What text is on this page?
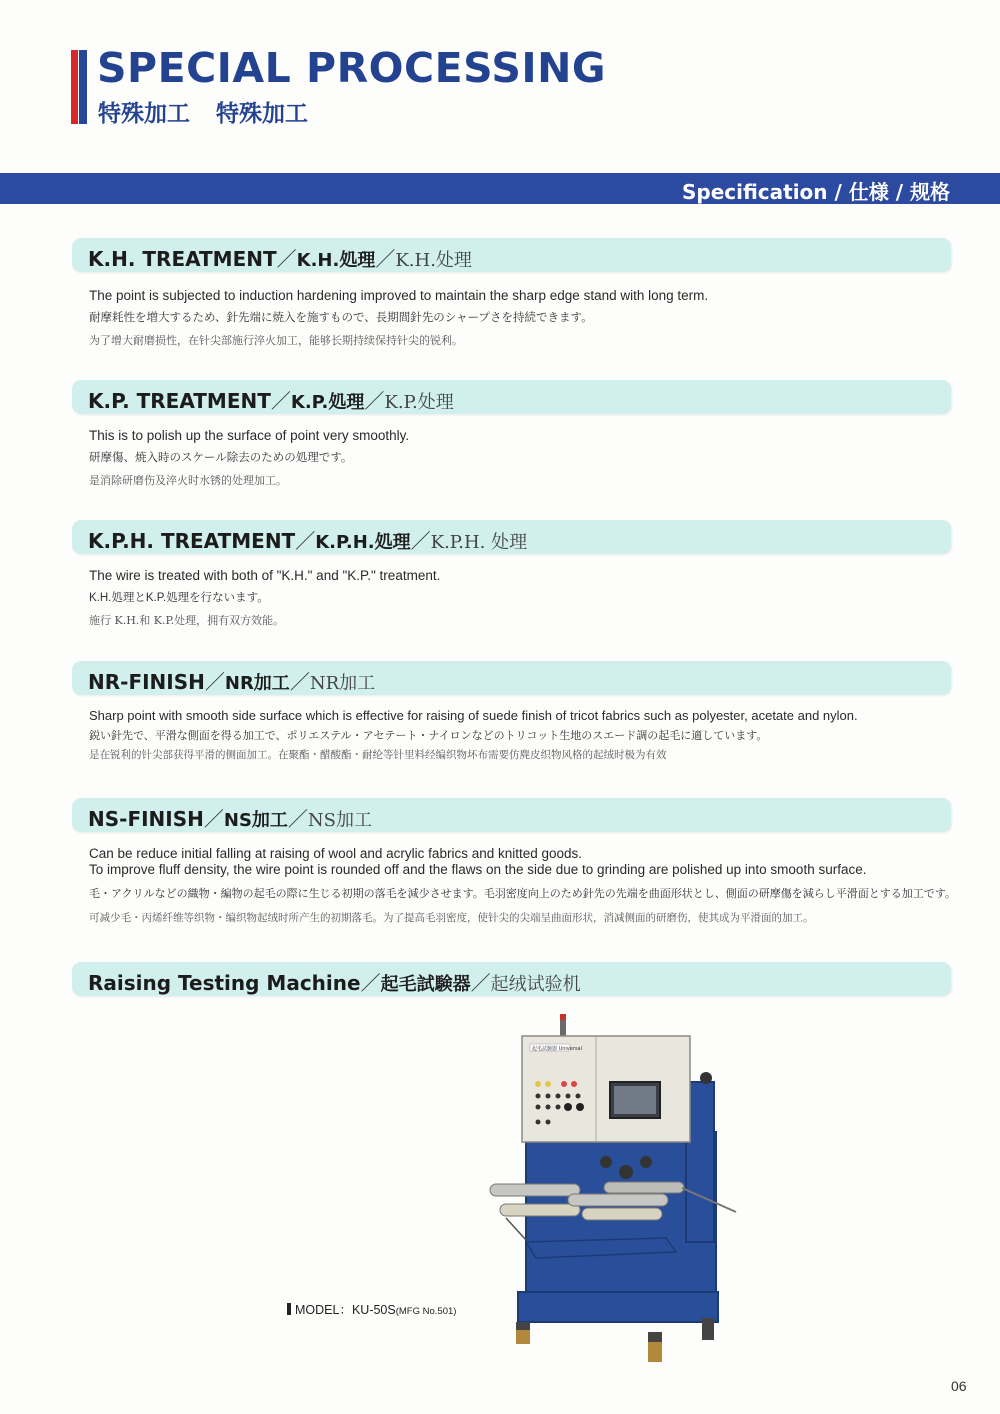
SPECIAL PROCESSING
特殊加工 特殊加工
Specification / 仕様 / 规格
K.H. TREATMENT／K.H.処理／K.H.处理
The point is subjected to induction hardening improved to maintain the sharp edge stand with long term.
耐摩耗性を増大するため、針先端に焼入を施すもので、長期間針先のシャープさを持続できます。
为了增大耐磨损性，在针尖部施行淬火加工，能够长期持续保持针尖的锐利。
K.P. TREATMENT／K.P.処理／K.P.处理
This is to polish up the surface of point very smoothly.
研摩傷、焼入時のスケール除去のための処理です。
是消除研磨伤及淬火时水锈的处理加工。
K.P.H. TREATMENT／K.P.H.処理／K.P.H. 处理
The wire is treated with both of "K.H." and "K.P." treatment.
K.H.処理とK.P.処理を行ないます。
施行 K.H.和 K.P.处理，拥有双方效能。
NR-FINISH／NR加工／NR加工
Sharp point with smooth side surface which is effective for raising of suede finish of tricot fabrics such as polyester, acetate and nylon.
鋭い針先で、平滑な側面を得る加工で、ポリエステル・アセテート・ナイロンなどのトリコット生地のスエード調の起毛に適しています。
是在锐利的针尖部获得平滑的侧面加工。在聚酯・醋酸酯・耐纶等针里料经编织物坏布需要仿麂皮织物风格的起绒时极为有效
NS-FINISH／NS加工／NS加工
Can be reduce initial falling at raising of wool and acrylic fabrics and knitted goods.
To improve fluff density, the wire point is rounded off and the flaws on the side due to grinding are polished up into smooth surface.
毛・アクリルなどの織物・編物の起毛の際に生じる初期の落毛を減少させます。毛羽密度向上のため針先の先端を曲面形状とし、側面の研摩傷を減らし平滑面とする加工です。
可减少毛・丙烯纤维等织物・编织物起绒时所产生的初期落毛。为了提高毛羽密度，使针尖的尖端呈曲面形状，消减侧面的研磨伤，使其成为平滑面的加工。
Raising Testing Machine／起毛試験器／起绒试验机
起毛試験器 Universal
MODEL：KU-50S(MFG No.501)
06
